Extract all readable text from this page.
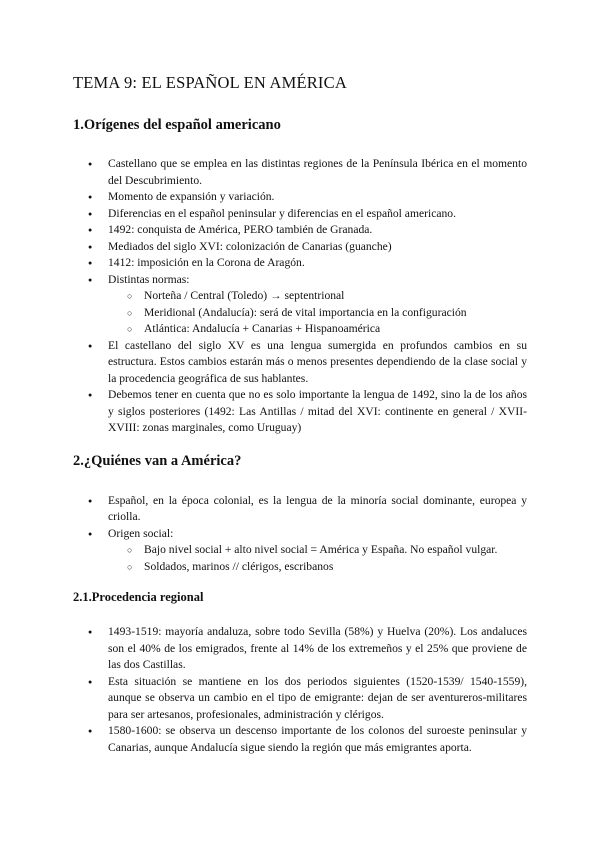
TEMA 9: EL ESPAÑOL EN AMÉRICA
1.Orígenes del español americano
● Castellano que se emplea en las distintas regiones de la Península Ibérica en el momento del Descubrimiento.
● Momento de expansión y variación.
● Diferencias en el español peninsular y diferencias en el español americano.
● 1492: conquista de América, PERO también de Granada.
● Mediados del siglo XVI: colonización de Canarias (guanche)
● 1412: imposición en la Corona de Aragón.
● Distintas normas:
○ Norteña / Central (Toledo) → septentrional
○ Meridional (Andalucía): será de vital importancia en la configuración
○ Atlántica: Andalucía + Canarias + Hispanoamérica
● El castellano del siglo XV es una lengua sumergida en profundos cambios en su estructura. Estos cambios estarán más o menos presentes dependiendo de la clase social y la procedencia geográfica de sus hablantes.
● Debemos tener en cuenta que no es solo importante la lengua de 1492, sino la de los años y siglos posteriores (1492: Las Antillas / mitad del XVI: continente en general / XVII-XVIII: zonas marginales, como Uruguay)
2.¿Quiénes van a América?
● Español, en la época colonial, es la lengua de la minoría social dominante, europea y criolla.
● Origen social:
○ Bajo nivel social + alto nivel social = América y España. No español vulgar.
○ Soldados, marinos // clérigos, escribanos
2.1.Procedencia regional
● 1493-1519: mayoría andaluza, sobre todo Sevilla (58%) y Huelva (20%). Los andaluces son el 40% de los emigrados, frente al 14% de los extremeños y el 25% que proviene de las dos Castillas.
● Esta situación se mantiene en los dos periodos siguientes (1520-1539/ 1540-1559), aunque se observa un cambio en el tipo de emigrante: dejan de ser aventureros-militares para ser artesanos, profesionales, administración y clérigos.
● 1580-1600: se observa un descenso importante de los colonos del suroeste peninsular y Canarias, aunque Andalucía sigue siendo la región que más emigrantes aporta.
